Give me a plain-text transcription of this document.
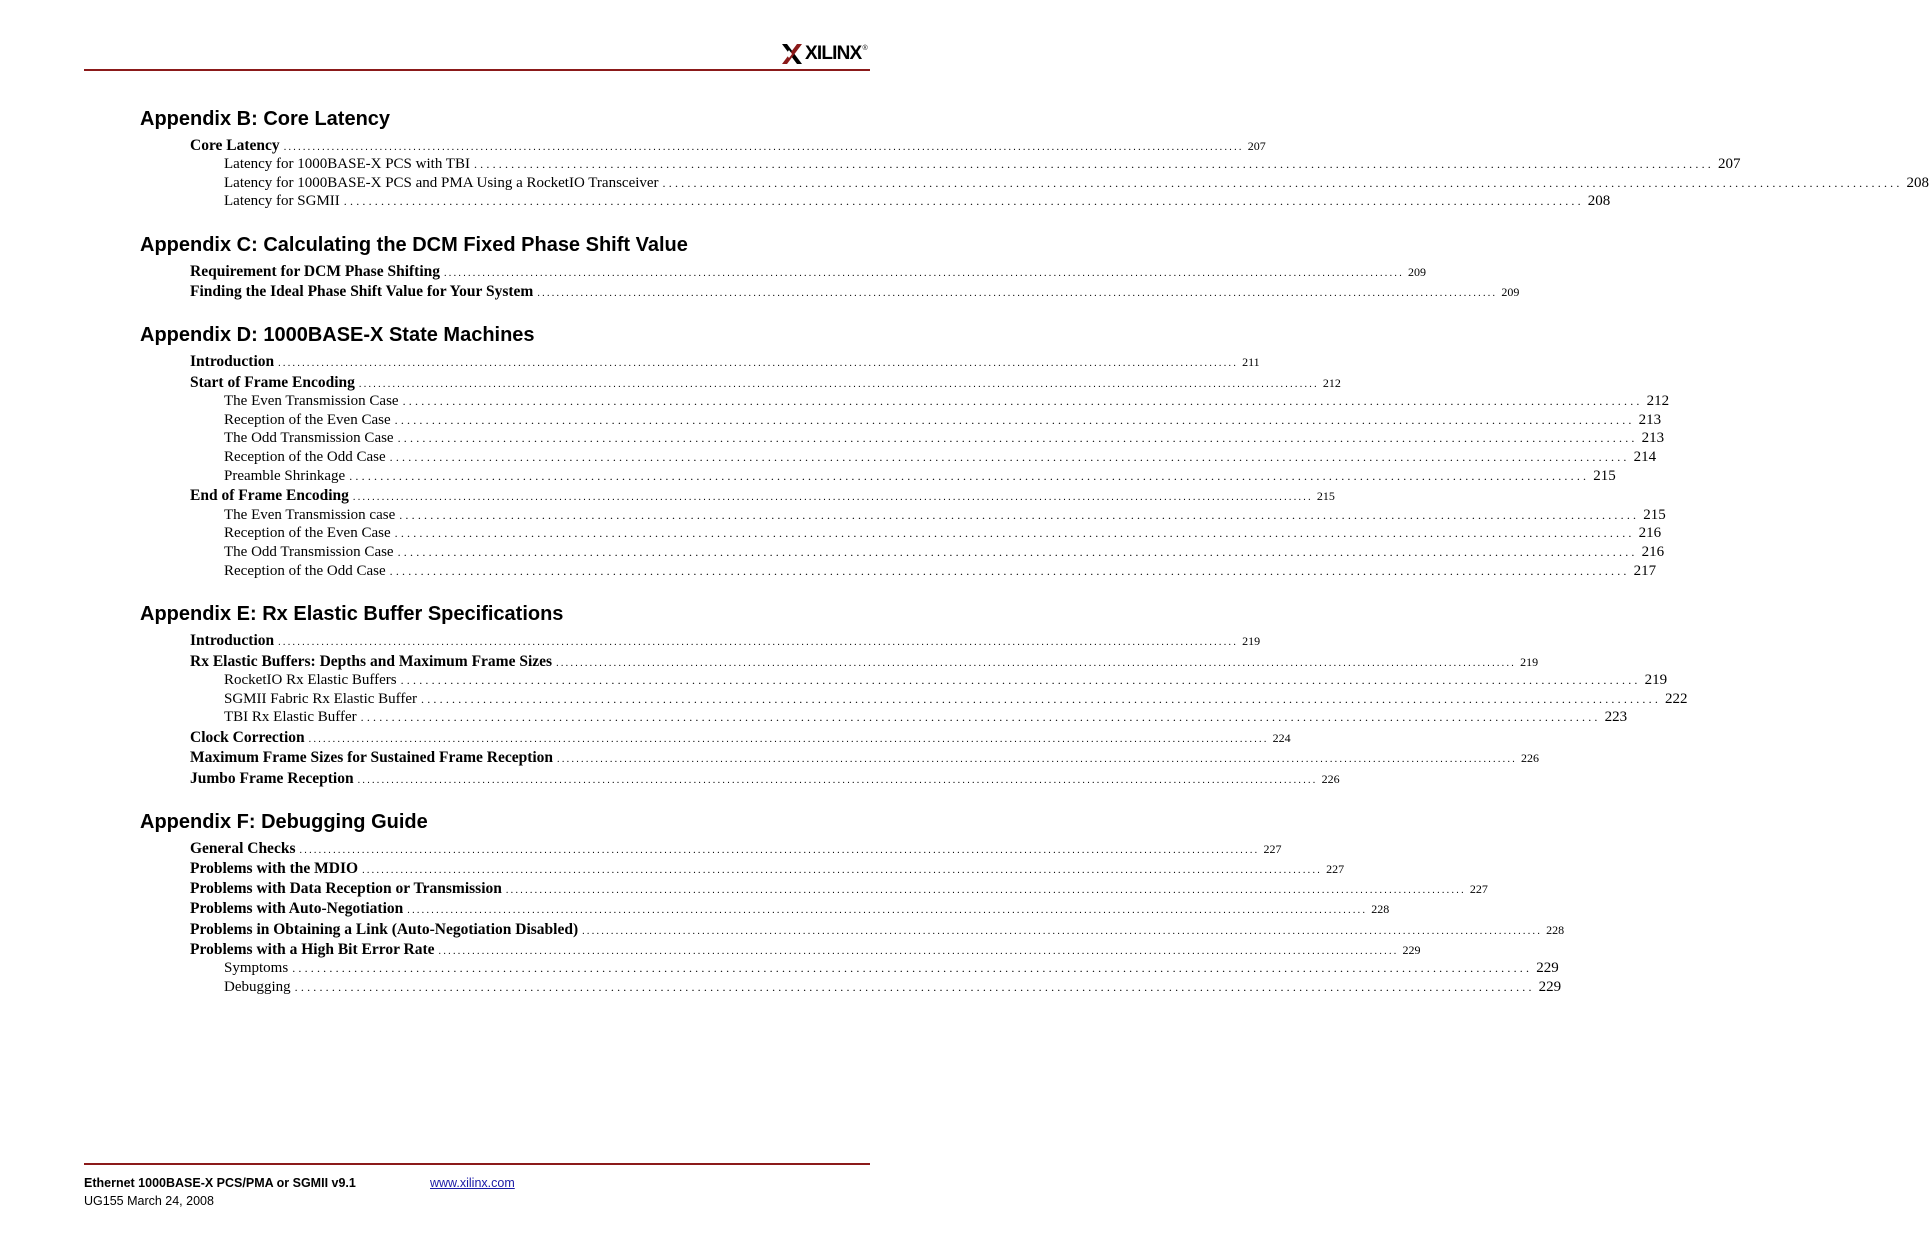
XILINX ®
Appendix B: Core Latency
Core Latency ........................................................................................................................................................................................................ 207
Latency for 1000BASE-X PCS with TBI ........................................................................................................................................................................................................ 207
Latency for 1000BASE-X PCS and PMA Using a RocketIO Transceiver ........................................................................................................................................................................................................ 208
Latency for SGMII ........................................................................................................................................................................................................ 208
Appendix C: Calculating the DCM Fixed Phase Shift Value
Requirement for DCM Phase Shifting ........................................................................................................................................................................................................ 209
Finding the Ideal Phase Shift Value for Your System ........................................................................................................................................................................................................ 209
Appendix D: 1000BASE-X State Machines
Introduction ........................................................................................................................................................................................................ 211
Start of Frame Encoding ........................................................................................................................................................................................................ 212
The Even Transmission Case ........................................................................................................................................................................................................ 212
Reception of the Even Case ........................................................................................................................................................................................................ 213
The Odd Transmission Case ........................................................................................................................................................................................................ 213
Reception of the Odd Case ........................................................................................................................................................................................................ 214
Preamble Shrinkage ........................................................................................................................................................................................................ 215
End of Frame Encoding ........................................................................................................................................................................................................ 215
The Even Transmission case ........................................................................................................................................................................................................ 215
Reception of the Even Case ........................................................................................................................................................................................................ 216
The Odd Transmission Case ........................................................................................................................................................................................................ 216
Reception of the Odd Case ........................................................................................................................................................................................................ 217
Appendix E: Rx Elastic Buffer Specifications
Introduction ........................................................................................................................................................................................................ 219
Rx Elastic Buffers: Depths and Maximum Frame Sizes ........................................................................................................................................................................................................ 219
RocketIO Rx Elastic Buffers ........................................................................................................................................................................................................ 219
SGMII Fabric Rx Elastic Buffer ........................................................................................................................................................................................................ 222
TBI Rx Elastic Buffer ........................................................................................................................................................................................................ 223
Clock Correction ........................................................................................................................................................................................................ 224
Maximum Frame Sizes for Sustained Frame Reception ........................................................................................................................................................................................................ 226
Jumbo Frame Reception ........................................................................................................................................................................................................ 226
Appendix F: Debugging Guide
General Checks ........................................................................................................................................................................................................ 227
Problems with the MDIO ........................................................................................................................................................................................................ 227
Problems with Data Reception or Transmission ........................................................................................................................................................................................................ 227
Problems with Auto-Negotiation ........................................................................................................................................................................................................ 228
Problems in Obtaining a Link (Auto-Negotiation Disabled) ........................................................................................................................................................................................................ 228
Problems with a High Bit Error Rate ........................................................................................................................................................................................................ 229
Symptoms ........................................................................................................................................................................................................ 229
Debugging ........................................................................................................................................................................................................ 229
Ethernet 1000BASE-X PCS/PMA or SGMII v9.1
UG155 March 24, 2008
www.xilinx.com
